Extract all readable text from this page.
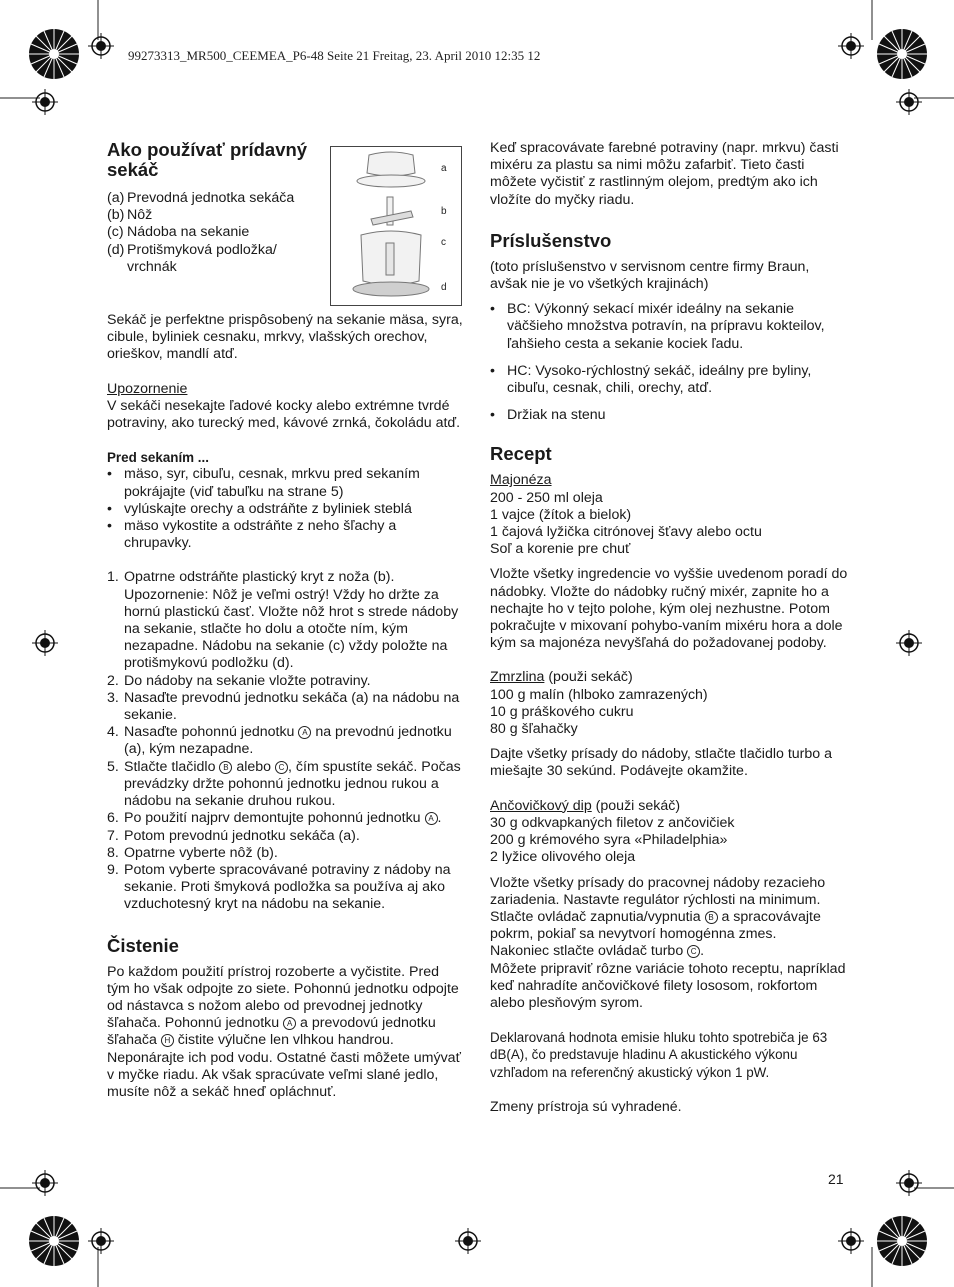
99273313_MR500_CEEMEA_P6-48 Seite 21 Freitag, 23. April 2010 12:35 12
a
b
c
d
Ako používať prídavný sekáč
(a) Prevodná jednotka sekáča
(b) Nôž
(c) Nádoba na sekanie
(d) Protišmyková podložka/ vrchnák

Sekáč je perfektne prispôsobený na sekanie mäsa, syra, cibule, byliniek cesnaku, mrkvy, vlašských orechov, orieškov, mandlí atď.

Upozornenie

V sekáči nesekajte ľadové kocky alebo extrémne tvrdé potraviny, ako turecký med, kávové zrnká, čokoládu atď.

Pred sekaním ...

• mäso, syr, cibuľu, cesnak, mrkvu pred sekaním pokrájajte (viď tabuľku na strane 5)
• vylúskajte orechy a odstráňte z byliniek steblá
• mäso vykostite a odstráňte z neho šľachy a chrupavky.
1. Opatrne odstráňte plastický kryt z noža (b). Upozornenie: Nôž je veľmi ostrý! Vždy ho držte za hornú plastickú časť. Vložte nôž hrot s strede nádoby na sekanie, stlačte ho dolu a otočte ním, kým nezapadne. Nádobu na sekanie (c) vždy položte na protišmykovú podložku (d).
2. Do nádoby na sekanie vložte potraviny.
3. Nasaďte prevodnú jednotku sekáča (a) na nádobu na sekanie.
4. Nasaďte pohonnú jednotku A na prevodnú jednotku (a), kým nezapadne.
5. Stlačte tlačidlo B alebo C , čím spustíte sekáč. Počas prevádzky držte pohonnú jednotku jednou rukou a nádobu na sekanie druhou rukou.
6. Po použití najprv demontujte pohonnú jednotku A .
7. Potom prevodnú jednotku sekáča (a).
8. Opatrne vyberte nôž (b).
9. Potom vyberte spracovávané potraviny z nádoby na sekanie. Proti šmyková podložka sa používa aj ako vzduchotesný kryt na nádobu na sekanie.
Čistenie

Po každom použití prístroj rozoberte a vyčistite. Pred tým ho však odpojte zo siete. Pohonnú jednotku odpojte od nástavca s nožom alebo od prevodnej jednotky šľahača. Pohonnú jednotku A a prevodovú jednotku šľahača H čistite výlučne len vlhkou handrou. Neponárajte ich pod vodu. Ostatné časti môžete umývať v myčke riadu. Ak však spracúvate veľmi slané jedlo, musíte nôž a sekáč hneď opláchnuť.

Keď spracovávate farebné potraviny (napr. mrkvu) časti mixéru za plastu sa nimi môžu zafarbiť. Tieto časti môžete vyčistiť z rastlinným olejom, predtým ako ich vložíte do myčky riadu.

Príslušenstvo

(toto príslušenstvo v servisnom centre firmy Braun, avšak nie je vo všetkých krajinách)

• BC: Výkonný sekací mixér ideálny na sekanie väčšieho množstva potravín, na prípravu kokteilov, ľahšieho cesta a sekanie kociek ľadu.
• HC: Vysoko-rýchlostný sekáč, ideálny pre byliny, cibuľu, cesnak, chili, orechy, atď.
• Držiak na stenu
Recept

Majonéza

200 - 250 ml oleja

1 vajce (žítok a bielok)

1 čajová lyžička citrónovej šťavy alebo octu

Soľ a korenie pre chuť

Vložte všetky ingredencie vo vyššie uvedenom poradí do nádobky. Vložte do nádobky ručný mixér, zapnite ho a nechajte ho v tejto polohe, kým olej nezhustne. Potom pokračujte v mixovaní pohybo-vaním mixéru hora a dole kým sa majonéza nevyšľahá do požadovanej podoby.

Zmrzlina (použi sekáč)

100 g malín (hlboko zamrazených)

10 g práškového cukru

80 g šľahačky

Dajte všetky prísady do nádoby, stlačte tlačidlo turbo a miešajte 30 sekúnd. Podávejte okamžite.

Ančovičkový dip (použi sekáč)

30 g odkvapkaných filetov z ančovičiek

200 g krémového syra «Philadelphia»

2 lyžice olivového oleja

Vložte všetky prísady do pracovnej nádoby rezacieho zariadenia. Nastavte regulátor rýchlosti na minimum.

Stlačte ovládač zapnutia/vypnutia B a spracovávajte pokrm, pokiaľ sa nevytvorí homogénna zmes.

Nakoniec stlačte ovládač turbo C .

Môžete pripraviť rôzne variácie tohoto receptu, napríklad keď nahradíte ančovičkové filety lososom, rokfortom alebo plesňovým syrom.

Deklarovaná hodnota emisie hluku tohto spotrebiča je 63 dB(A), čo predstavuje hladinu A akustického výkonu vzhľadom na referenčný akustický výkon 1 pW.

Zmeny prístroja sú vyhradené.

21
